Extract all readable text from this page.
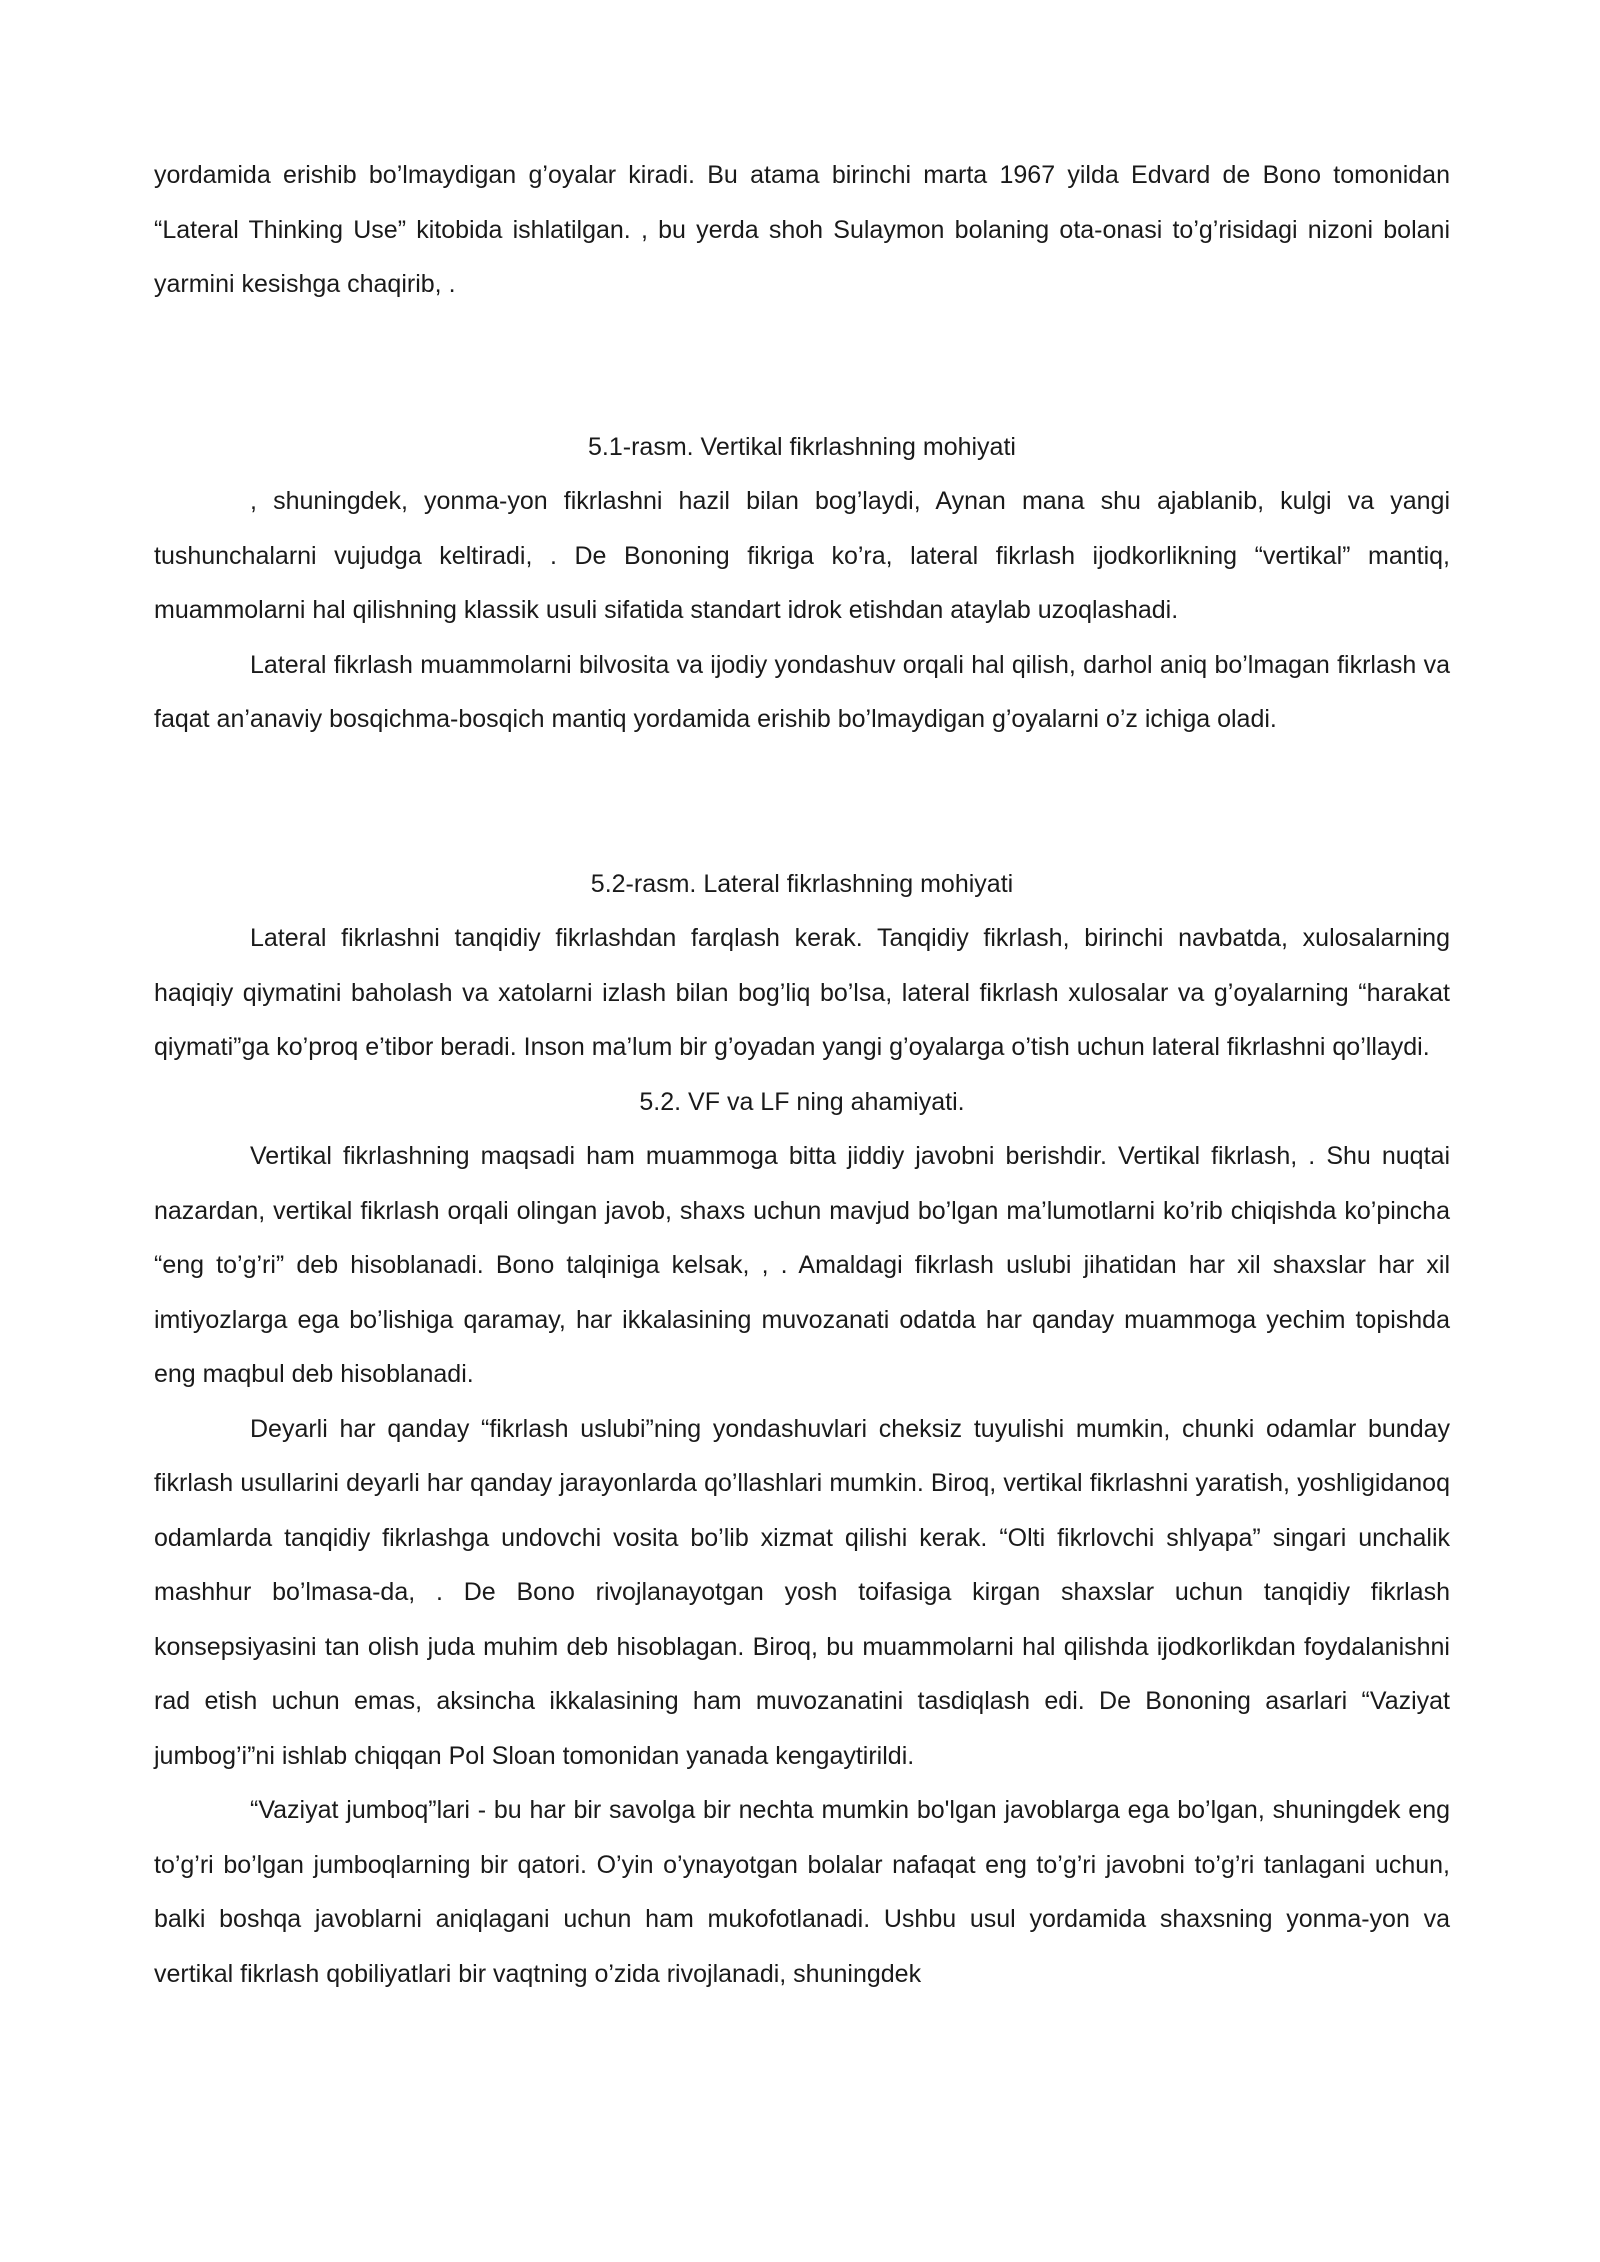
yordamida erishib bo’lmaydigan g’oyalar kiradi. Bu atama birinchi marta 1967 yilda Edvard de Bono tomonidan “Lateral Thinking Use” kitobida ishlatilgan. , bu yerda shoh Sulaymon bolaning ota-onasi to’g’risidagi nizoni bolani yarmini kesishga chaqirib, .

5.1-rasm. Vertikal fikrlashning mohiyati

, shuningdek, yonma-yon fikrlashni hazil bilan bog’laydi, Aynan mana shu ajablanib, kulgi va yangi tushunchalarni vujudga keltiradi, . De Bononing fikriga ko’ra, lateral fikrlash ijodkorlikning “vertikal” mantiq, muammolarni hal qilishning klassik usuli sifatida standart idrok etishdan ataylab uzoqlashadi.

Lateral fikrlash muammolarni bilvosita va ijodiy yondashuv orqali hal qilish, darhol aniq bo’lmagan fikrlash va faqat an’anaviy bosqichma-bosqich mantiq yordamida erishib bo’lmaydigan g’oyalarni o’z ichiga oladi.

5.2-rasm. Lateral fikrlashning mohiyati

Lateral fikrlashni tanqidiy fikrlashdan farqlash kerak. Tanqidiy fikrlash, birinchi navbatda, xulosalarning haqiqiy qiymatini baholash va xatolarni izlash bilan bog’liq bo’lsa, lateral fikrlash xulosalar va g’oyalarning “harakat qiymati”ga ko’proq e’tibor beradi. Inson ma’lum bir g’oyadan yangi g’oyalarga o’tish uchun lateral fikrlashni qo’llaydi.

5.2. VF va LF ning ahamiyati.

Vertikal fikrlashning maqsadi ham muammoga bitta jiddiy javobni berishdir. Vertikal fikrlash, . Shu nuqtai nazardan, vertikal fikrlash orqali olingan javob, shaxs uchun mavjud bo’lgan ma’lumotlarni ko’rib chiqishda ko’pincha “eng to’g’ri” deb hisoblanadi. Bono talqiniga kelsak, , . Amaldagi fikrlash uslubi jihatidan har xil shaxslar har xil imtiyozlarga ega bo’lishiga qaramay, har ikkalasining muvozanati odatda har qanday muammoga yechim topishda eng maqbul deb hisoblanadi.

Deyarli har qanday “fikrlash uslubi”ning yondashuvlari cheksiz tuyulishi mumkin, chunki odamlar bunday fikrlash usullarini deyarli har qanday jarayonlarda qo’llashlari mumkin. Biroq, vertikal fikrlashni yaratish, yoshligidanoq odamlarda tanqidiy fikrlashga undovchi vosita bo’lib xizmat qilishi kerak. “Olti fikrlovchi shlyapa” singari unchalik mashhur bo’lmasa-da, . De Bono rivojlanayotgan yosh toifasiga kirgan shaxslar uchun tanqidiy fikrlash konsepsiyasini tan olish juda muhim deb hisoblagan. Biroq, bu muammolarni hal qilishda ijodkorlikdan foydalanishni rad etish uchun emas, aksincha ikkalasining ham muvozanatini tasdiqlash edi. De Bononing asarlari “Vaziyat jumbog’i”ni ishlab chiqqan Pol Sloan tomonidan yanada kengaytirildi.

“Vaziyat jumboq”lari - bu har bir savolga bir nechta mumkin bo'lgan javoblarga ega bo’lgan, shuningdek eng to’g’ri bo’lgan jumboqlarning bir qatori. O’yin o’ynayotgan bolalar nafaqat eng to’g’ri javobni to’g’ri tanlagani uchun, balki boshqa javoblarni aniqlagani uchun ham mukofotlanadi. Ushbu usul yordamida shaxsning yonma-yon va vertikal fikrlash qobiliyatlari bir vaqtning o’zida rivojlanadi, shuningdek
